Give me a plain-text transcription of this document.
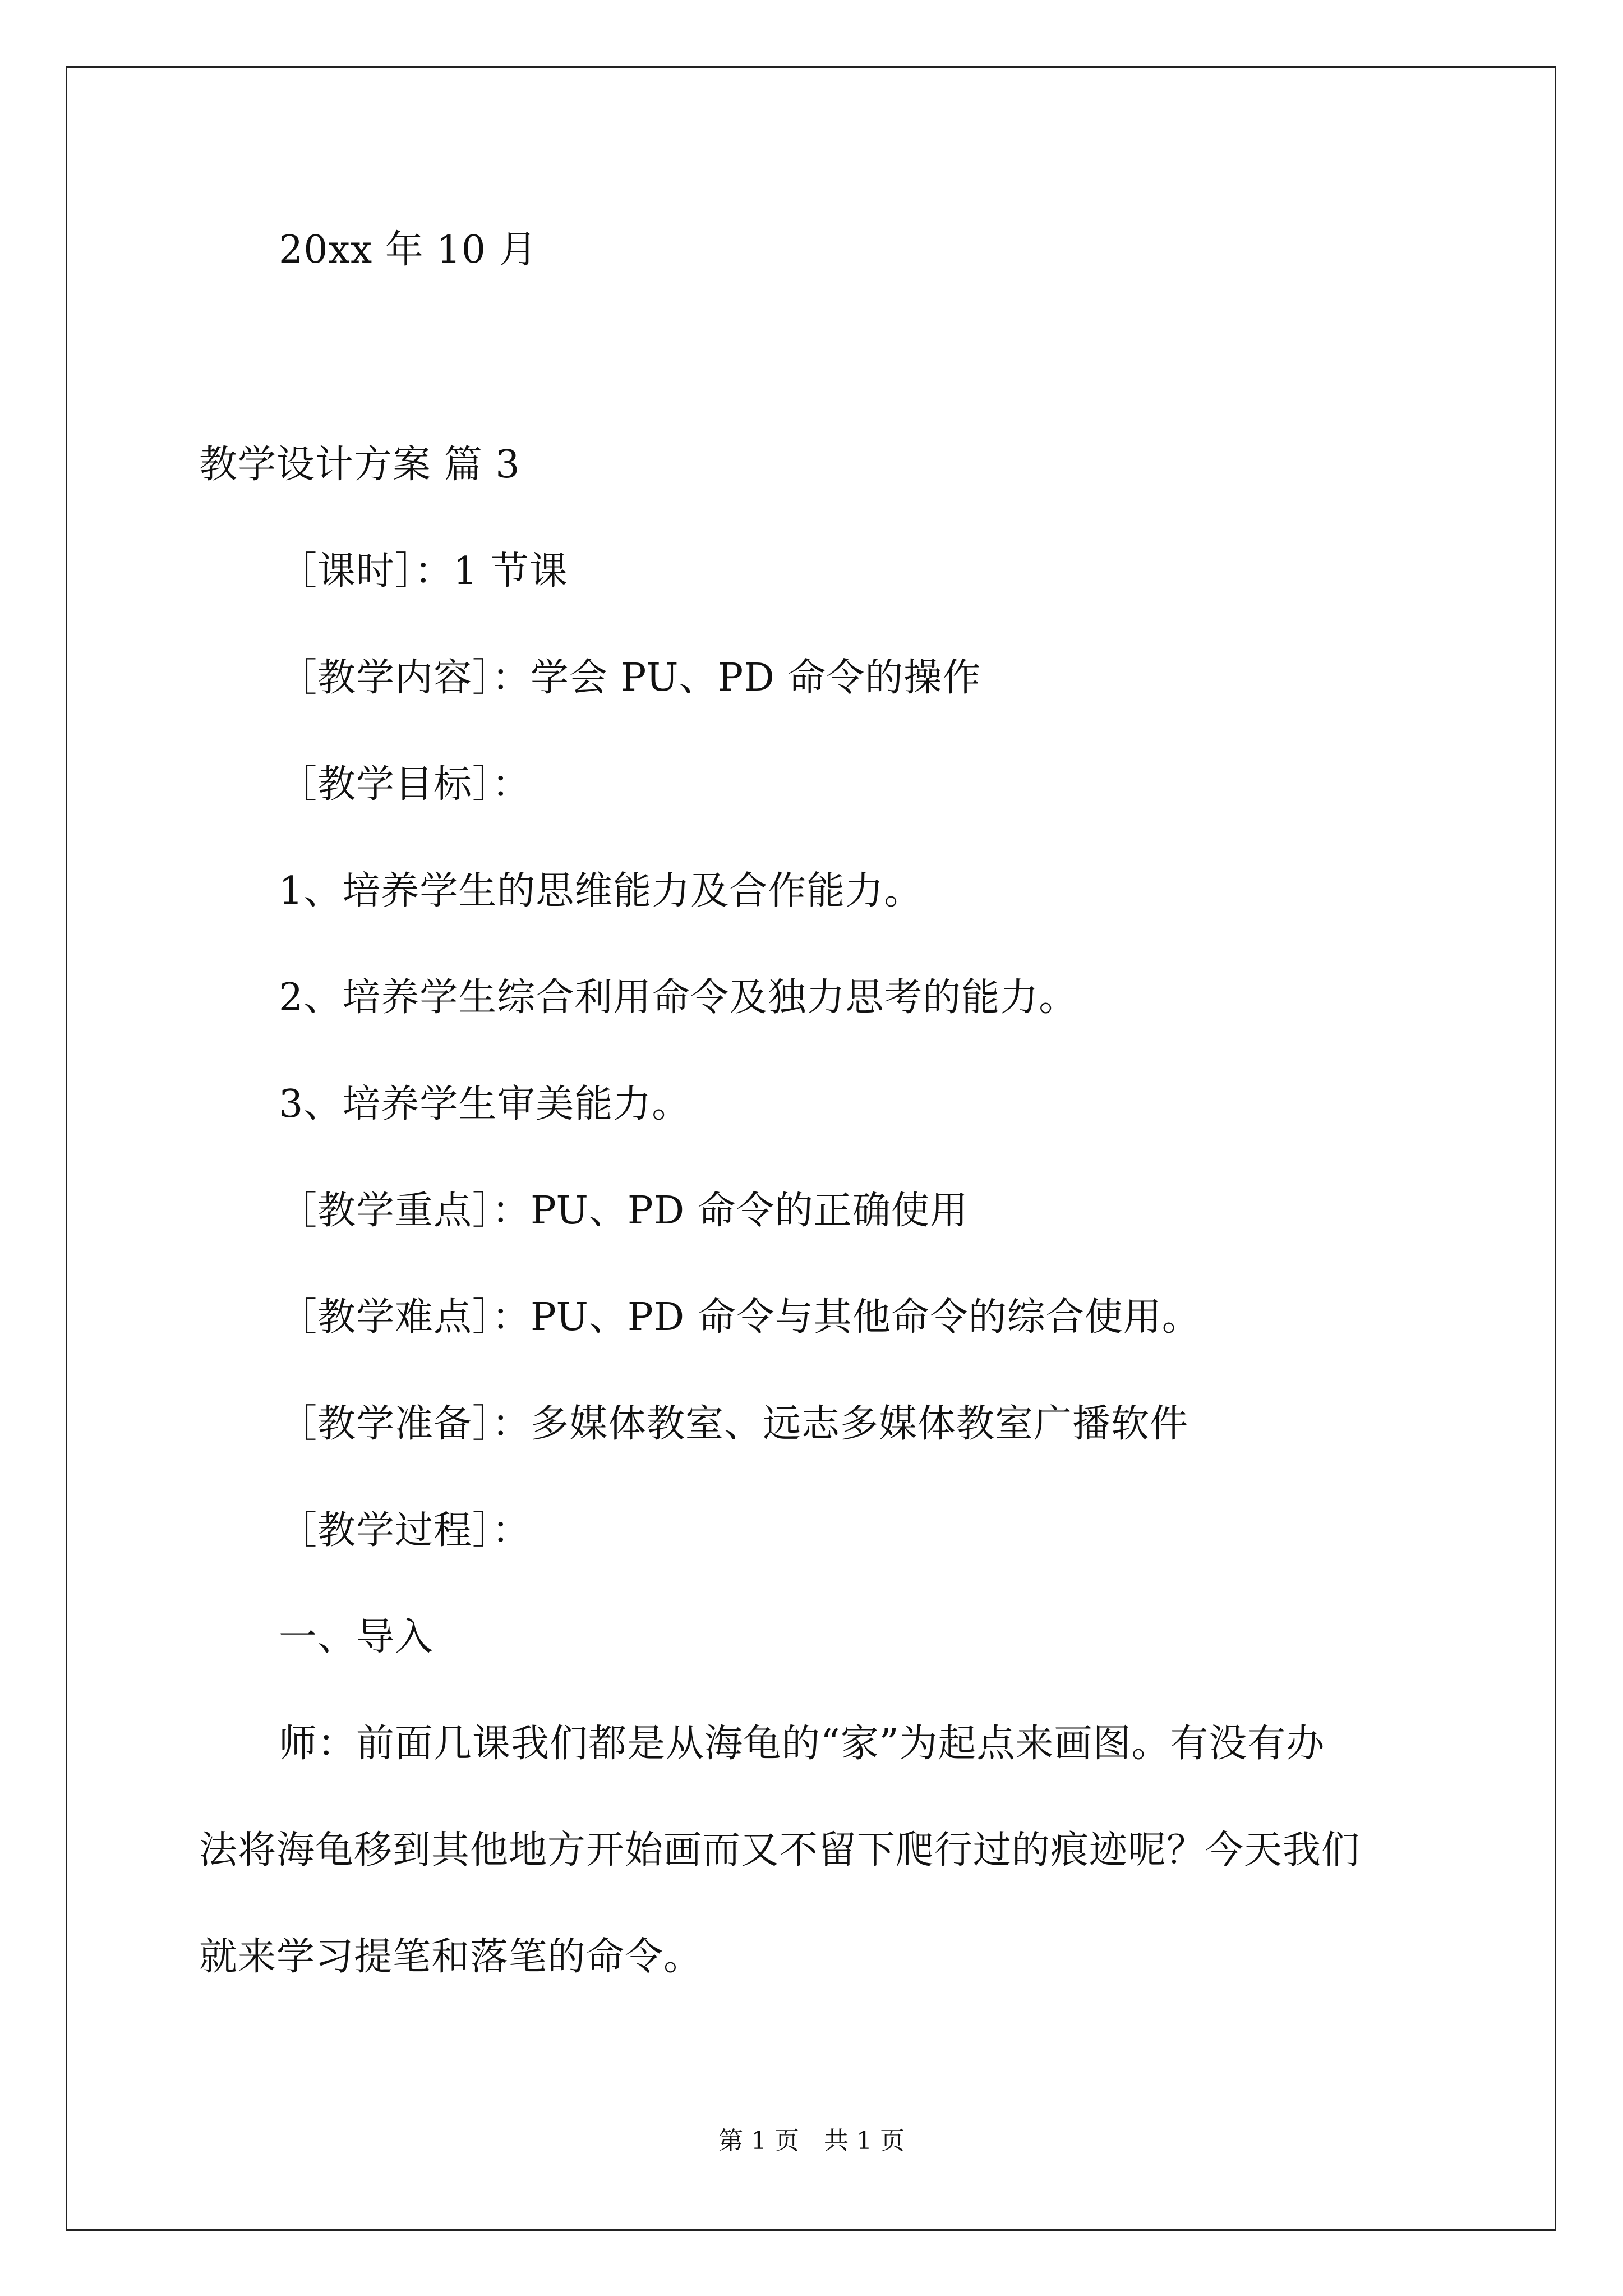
20xx 年 10 月
教学设计方案 篇 3
［课时］：1 节课
［教学内容］：学会 PU、PD 命令的操作
［教学目标］：
1、培养学生的思维能力及合作能力。
2、培养学生综合利用命令及独力思考的能力。
3、培养学生审美能力。
［教学重点］：PU、PD 命令的正确使用
［教学难点］：PU、PD 命令与其他命令的综合使用。
［教学准备］：多媒体教室、远志多媒体教室广播软件
［教学过程］：
一、导入
师：前面几课我们都是从海龟的“家”为起点来画图。有没有办
法将海龟移到其他地方开始画而又不留下爬行过的痕迹呢？今天我们
就来学习提笔和落笔的命令。
第 1 页　共 1 页
